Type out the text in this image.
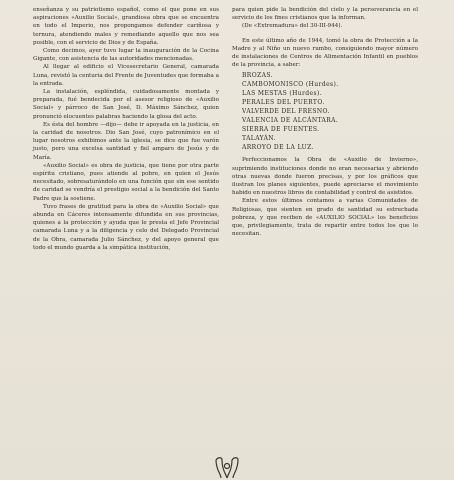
enseñanza y su patriotismo español, como el que pone en sus aspiraciones «Auxilio Social», grandiosa obra que se encuentra en todo el Imperio, nos propongamos defender cariñosa y ternura, atendiendo males y remediando aquello que nos sea posible, con el servicio de Dios y de España.

Como decimos, ayer tuvo lugar la inauguración de la Cocina Gigante, con asistencia de las autoridades mencionadas.

Al llegar al edificio el Vicesecretario General, camarada Luna, revistó la centuria del Frente de Juventudes que formaba a la entrada.

La instalación, espléndida, cuidadosamente montada y preparada, fué bendecida por el asesor religioso de «Auxilio Social» y párroco de San José, D. Máximo Sánchez, quien pronunció elocuentes palabras haciendo la glosa del acto.

Es ésta del hombre —dijo— debe ir apoyada en la justicia, en la caridad de nosotros. Dio San José, cuyo patronímico en el lugar nosotros exhibimos ante la iglesia, se dice que fue varón justo, pero una excelsa santidad y fiel amparo de Jesús y de María.

«Auxilio Social» es obra de justicia, que tiene por otra parte espíritu cristiano, pues atiende al pobre, en quien el Jesús necesitado, sobresaturándolo en una función que sin ese sentido de caridad se vendría el prestigio social a la bendición del Santo Padre que la sostiene.

Tuvo frases de gratitud para la obra de «Auxilio Social» que abunda en Cáceres intensamente difundida en sus provincias, quienes a la protección y ayuda que le presta el Jefe Provincial camarada Luna y a la diligencia y celo del Delegado Provincial de la Obra, camarada Julio Sánchez, y del apoyo general que todo el mundo guarda a la simpática institución,

para quien pide la bendición del cielo y la perseverancia en el servicio de los fines cristianos que la informan.

(De «Extremadura» del 30-III-944).

En este último año de 1944, tomó la obra de Protección a la Madre y al Niño un nuevo rumbo, consiguiendo mayor número de instalaciones de Centros de Alimentación Infantil en pueblos de la provincia, a saber:

BROZAS.
CAMBOMONISCO (Hurdes).
LAS MESTAS (Hurdes).
PERALES DEL PUERTO.
VALVERDE DEL FRESNO.
VALENCIA DE ALCÁNTARA.
SIERRA DE FUENTES.
TALAYÁN.
ARROYO DE LA LUZ.

Perfeccionamos la Obra de «Auxilio de Invierno», suprimiendo instituciones donde no eran necesarias y abriendo otras nuevas donde fueron precisas, y por los gráficos que ilustran los planes siguientes, puede apreciarse el movimiento habido en nuestros libros de contabilidad y control de asistidos.

Entre estos últimos contamos a varias Comunidades de Religiosas, que sienten en grado de santidad su estrechada pobreza, y que reciben de «AUXILIO SOCIAL» los beneficios que, privilegiamente, trata de repartir entre todos los que lo necesitan.
